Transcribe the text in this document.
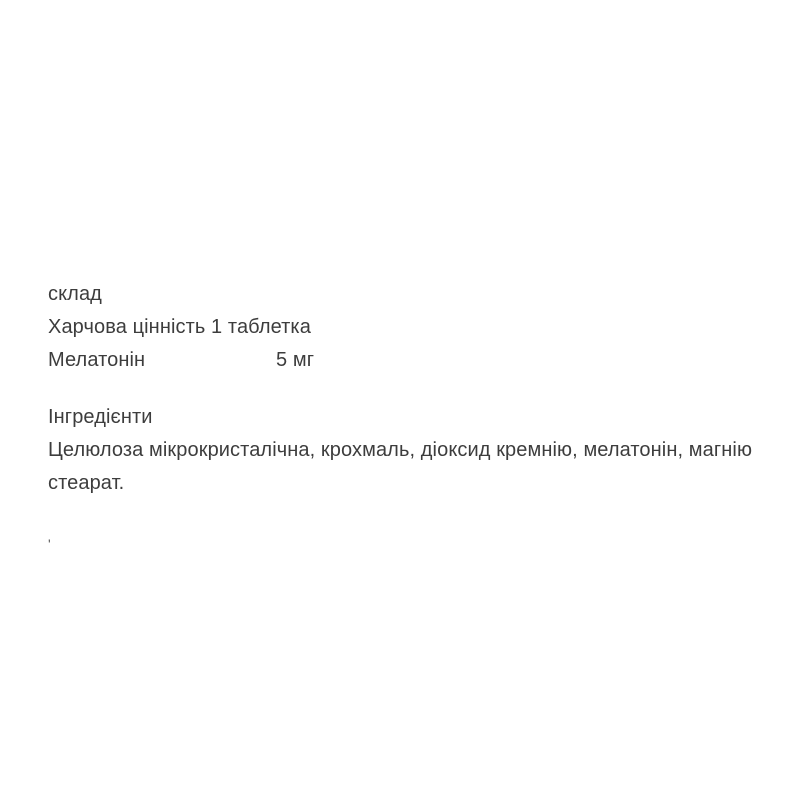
склад
Харчова цінність 1 таблетка
Мелатонін	5 мг
Інгредієнти
Целюлоза мікрокристалічна, крохмаль, діоксид кремнію, мелатонін, магнію стеарат.
'
